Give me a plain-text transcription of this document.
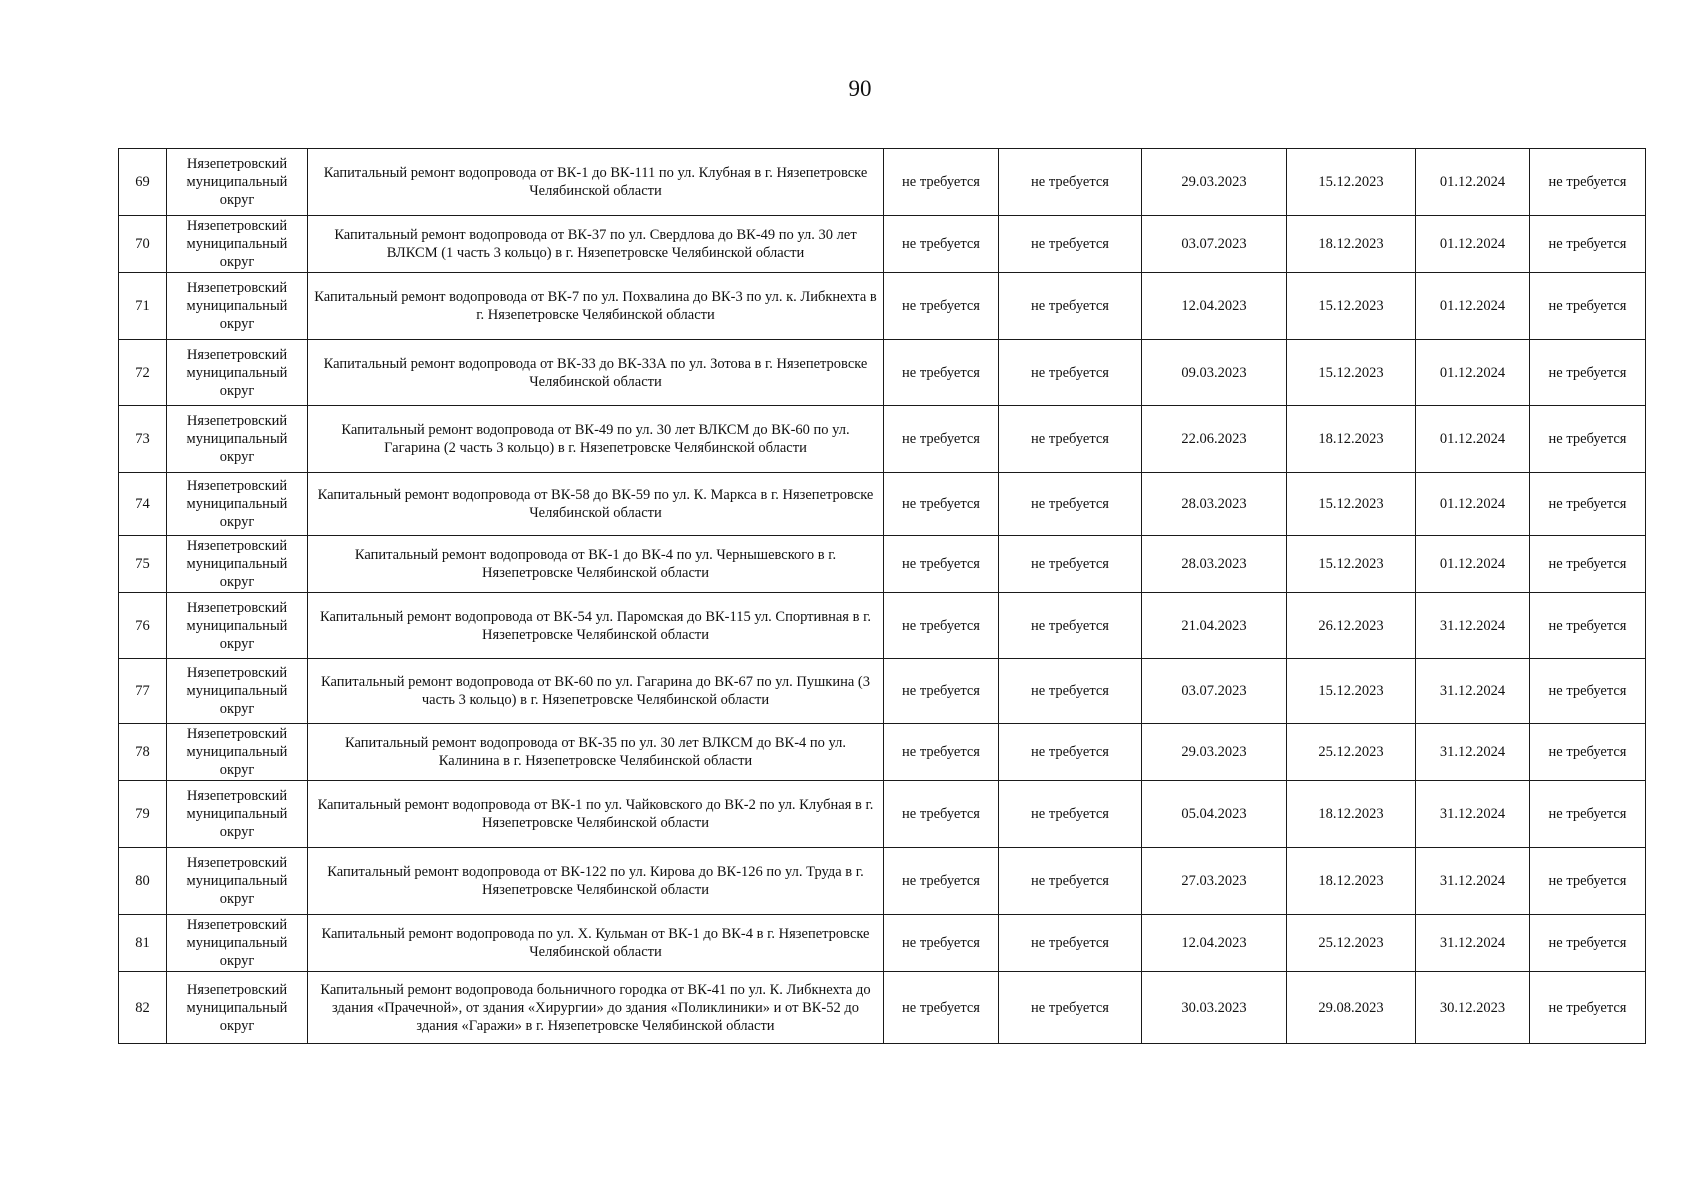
90
69	Нязепетровский муниципальный округ	Капитальный ремонт водопровода от ВК-1 до ВК-111 по ул. Клубная в г. Нязепетровске Челябинской области	не требуется	не требуется	29.03.2023	15.12.2023	01.12.2024	не требуется
70	Нязепетровский муниципальный округ	Капитальный ремонт водопровода от ВК-37 по ул. Свердлова до ВК-49 по ул. 30 лет ВЛКСМ (1 часть 3 кольцо) в г. Нязепетровске Челябинской области	не требуется	не требуется	03.07.2023	18.12.2023	01.12.2024	не требуется
71	Нязепетровский муниципальный округ	Капитальный ремонт водопровода от ВК-7 по ул. Похвалина до ВК-3 по ул. к. Либкнехта в г. Нязепетровске Челябинской области	не требуется	не требуется	12.04.2023	15.12.2023	01.12.2024	не требуется
72	Нязепетровский муниципальный округ	Капитальный ремонт водопровода от ВК-33 до ВК-33А по ул. Зотова в г. Нязепетровске Челябинской области	не требуется	не требуется	09.03.2023	15.12.2023	01.12.2024	не требуется
73	Нязепетровский муниципальный округ	Капитальный ремонт водопровода от ВК-49 по ул. 30 лет ВЛКСМ до ВК-60 по ул. Гагарина (2 часть 3 кольцо) в г. Нязепетровске Челябинской области	не требуется	не требуется	22.06.2023	18.12.2023	01.12.2024	не требуется
74	Нязепетровский муниципальный округ	Капитальный ремонт водопровода от ВК-58 до ВК-59 по ул. К. Маркса в г. Нязепетровске Челябинской области	не требуется	не требуется	28.03.2023	15.12.2023	01.12.2024	не требуется
75	Нязепетровский муниципальный округ	Капитальный ремонт водопровода от ВК-1 до ВК-4 по ул. Чернышевского в г. Нязепетровске Челябинской области	не требуется	не требуется	28.03.2023	15.12.2023	01.12.2024	не требуется
76	Нязепетровский муниципальный округ	Капитальный ремонт водопровода от ВК-54 ул. Паромская до ВК-115 ул. Спортивная в г. Нязепетровске Челябинской области	не требуется	не требуется	21.04.2023	26.12.2023	31.12.2024	не требуется
77	Нязепетровский муниципальный округ	Капитальный ремонт водопровода от ВК-60 по ул. Гагарина до ВК-67 по ул. Пушкина (3 часть 3 кольцо) в г. Нязепетровске Челябинской области	не требуется	не требуется	03.07.2023	15.12.2023	31.12.2024	не требуется
78	Нязепетровский муниципальный округ	Капитальный ремонт водопровода от ВК-35 по ул. 30 лет ВЛКСМ до ВК-4 по ул. Калинина в г. Нязепетровске Челябинской области	не требуется	не требуется	29.03.2023	25.12.2023	31.12.2024	не требуется
79	Нязепетровский муниципальный округ	Капитальный ремонт водопровода от ВК-1 по ул. Чайковского до ВК-2 по ул. Клубная в г. Нязепетровске Челябинской области	не требуется	не требуется	05.04.2023	18.12.2023	31.12.2024	не требуется
80	Нязепетровский муниципальный округ	Капитальный ремонт водопровода от ВК-122 по ул. Кирова до ВК-126 по ул. Труда в г. Нязепетровске Челябинской области	не требуется	не требуется	27.03.2023	18.12.2023	31.12.2024	не требуется
81	Нязепетровский муниципальный округ	Капитальный ремонт водопровода по ул. Х. Кульман от ВК-1 до ВК-4 в г. Нязепетровске Челябинской области	не требуется	не требуется	12.04.2023	25.12.2023	31.12.2024	не требуется
82	Нязепетровский муниципальный округ	Капитальный ремонт водопровода больничного городка от ВК-41 по ул. К. Либкнехта до здания «Прачечной», от здания «Хирургии» до здания «Поликлиники» и от ВК-52 до здания «Гаражи» в г. Нязепетровске Челябинской области	не требуется	не требуется	30.03.2023	29.08.2023	30.12.2023	не требуется
